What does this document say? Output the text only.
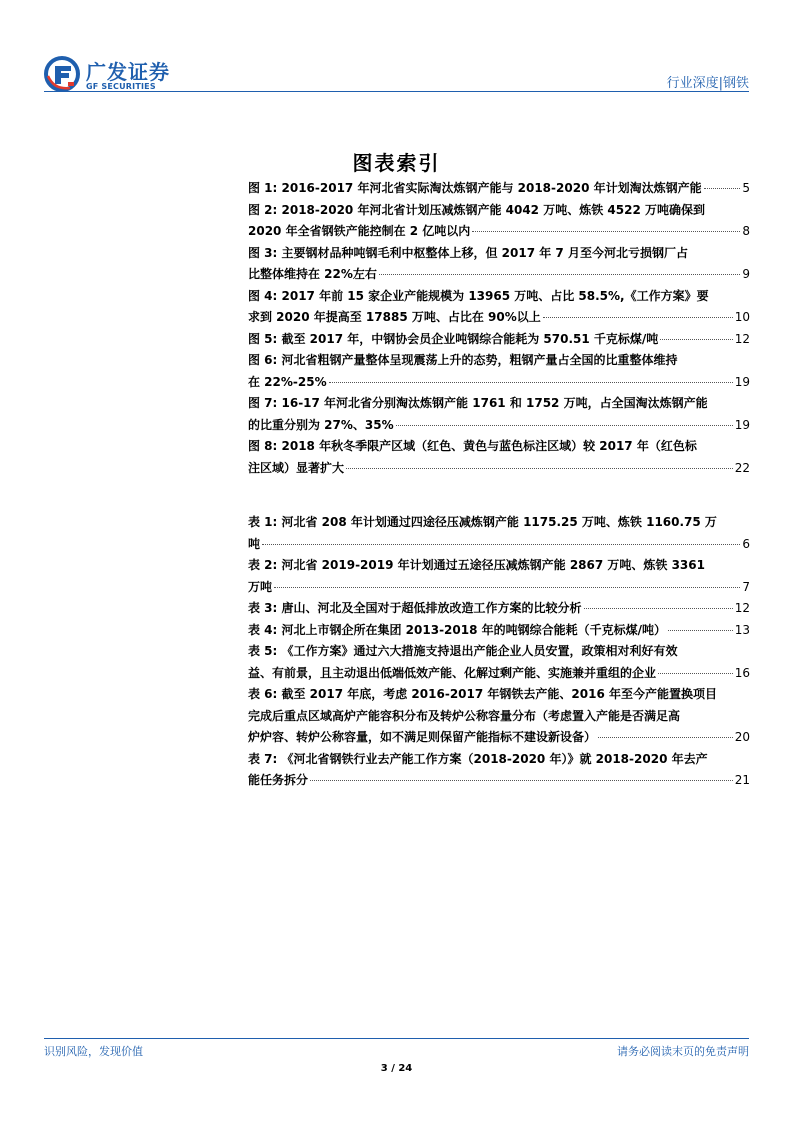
广发证券
GF SECURITIES	行业深度|钢铁
图表索引
图 1: 2016-2017 年河北省实际淘汰炼钢产能与 2018-2020 年计划淘汰炼钢产能	5
图 2: 2018-2020 年河北省计划压减炼钢产能 4042 万吨、炼铁 4522 万吨确保到
2020 年全省钢铁产能控制在 2 亿吨以内	8
图 3: 主要钢材品种吨钢毛利中枢整体上移，但 2017 年 7 月至今河北亏损钢厂占
比整体维持在 22%左右	9
图 4: 2017 年前 15 家企业产能规模为 13965 万吨、占比 58.5%,《工作方案》要
求到 2020 年提高至 17885 万吨、占比在 90%以上	10
图 5: 截至 2017 年，中钢协会员企业吨钢综合能耗为 570.51 千克标煤/吨	12
图 6: 河北省粗钢产量整体呈现震荡上升的态势，粗钢产量占全国的比重整体维持
在 22%-25%	19
图 7: 16-17 年河北省分别淘汰炼钢产能 1761 和 1752 万吨，占全国淘汰炼钢产能
的比重分别为 27%、35%	19
图 8: 2018 年秋冬季限产区域（红色、黄色与蓝色标注区域）较 2017 年（红色标
注区域）显著扩大	22
表 1: 河北省 208 年计划通过四途径压减炼钢产能 1175.25 万吨、炼铁 1160.75 万
吨	6
表 2: 河北省 2019-2019 年计划通过五途径压减炼钢产能 2867 万吨、炼铁 3361
万吨	7
表 3: 唐山、河北及全国对于超低排放改造工作方案的比较分析	12
表 4: 河北上市钢企所在集团 2013-2018 年的吨钢综合能耗（千克标煤/吨）	13
表 5: 《工作方案》通过六大措施支持退出产能企业人员安置，政策相对利好有效
益、有前景，且主动退出低端低效产能、化解过剩产能、实施兼并重组的企业	16
表 6: 截至 2017 年底，考虑 2016-2017 年钢铁去产能、2016 年至今产能置换项目
完成后重点区域高炉产能容积分布及转炉公称容量分布（考虑置入产能是否满足高
炉炉容、转炉公称容量，如不满足则保留产能指标不建设新设备）	20
表 7: 《河北省钢铁行业去产能工作方案（2018-2020 年）》就 2018-2020 年去产
能任务拆分	21
识别风险，发现价值	请务必阅读末页的免责声明
3 / 24
